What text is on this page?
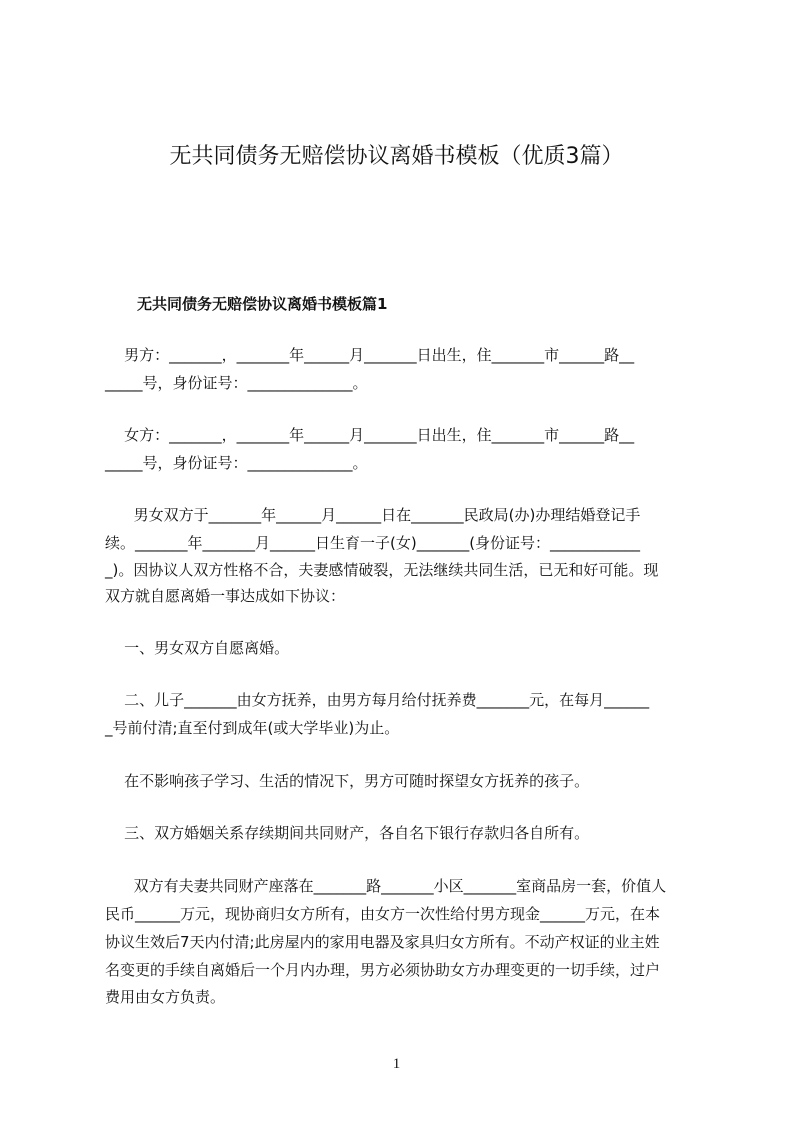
无共同债务无赔偿协议离婚书模板（优质3篇）
无共同债务无赔偿协议离婚书模板篇1
男方：_______，_______年______月_______日出生，住_______市______路__
_____号，身份证号：______________。
女方：_______，_______年______月_______日出生，住_______市______路__
_____号，身份证号：______________。
男女双方于_______年______月______日在_______民政局(办)办理结婚登记手
续。_______年_______月______日生育一子(女)_______(身份证号：____________
_)。因协议人双方性格不合，夫妻感情破裂，无法继续共同生活，已无和好可能。现
双方就自愿离婚一事达成如下协议：
一、男女双方自愿离婚。
二、儿子_______由女方抚养，由男方每月给付抚养费_______元，在每月______
_号前付清;直至付到成年(或大学毕业)为止。
在不影响孩子学习、生活的情况下，男方可随时探望女方抚养的孩子。
三、双方婚姻关系存续期间共同财产，各自名下银行存款归各自所有。
双方有夫妻共同财产座落在_______路_______小区_______室商品房一套，价值人
民币______万元，现协商归女方所有，由女方一次性给付男方现金______万元，在本
协议生效后7天内付清;此房屋内的家用电器及家具归女方所有。不动产权证的业主姓
名变更的手续自离婚后一个月内办理，男方必须协助女方办理变更的一切手续，过户
费用由女方负责。
1
